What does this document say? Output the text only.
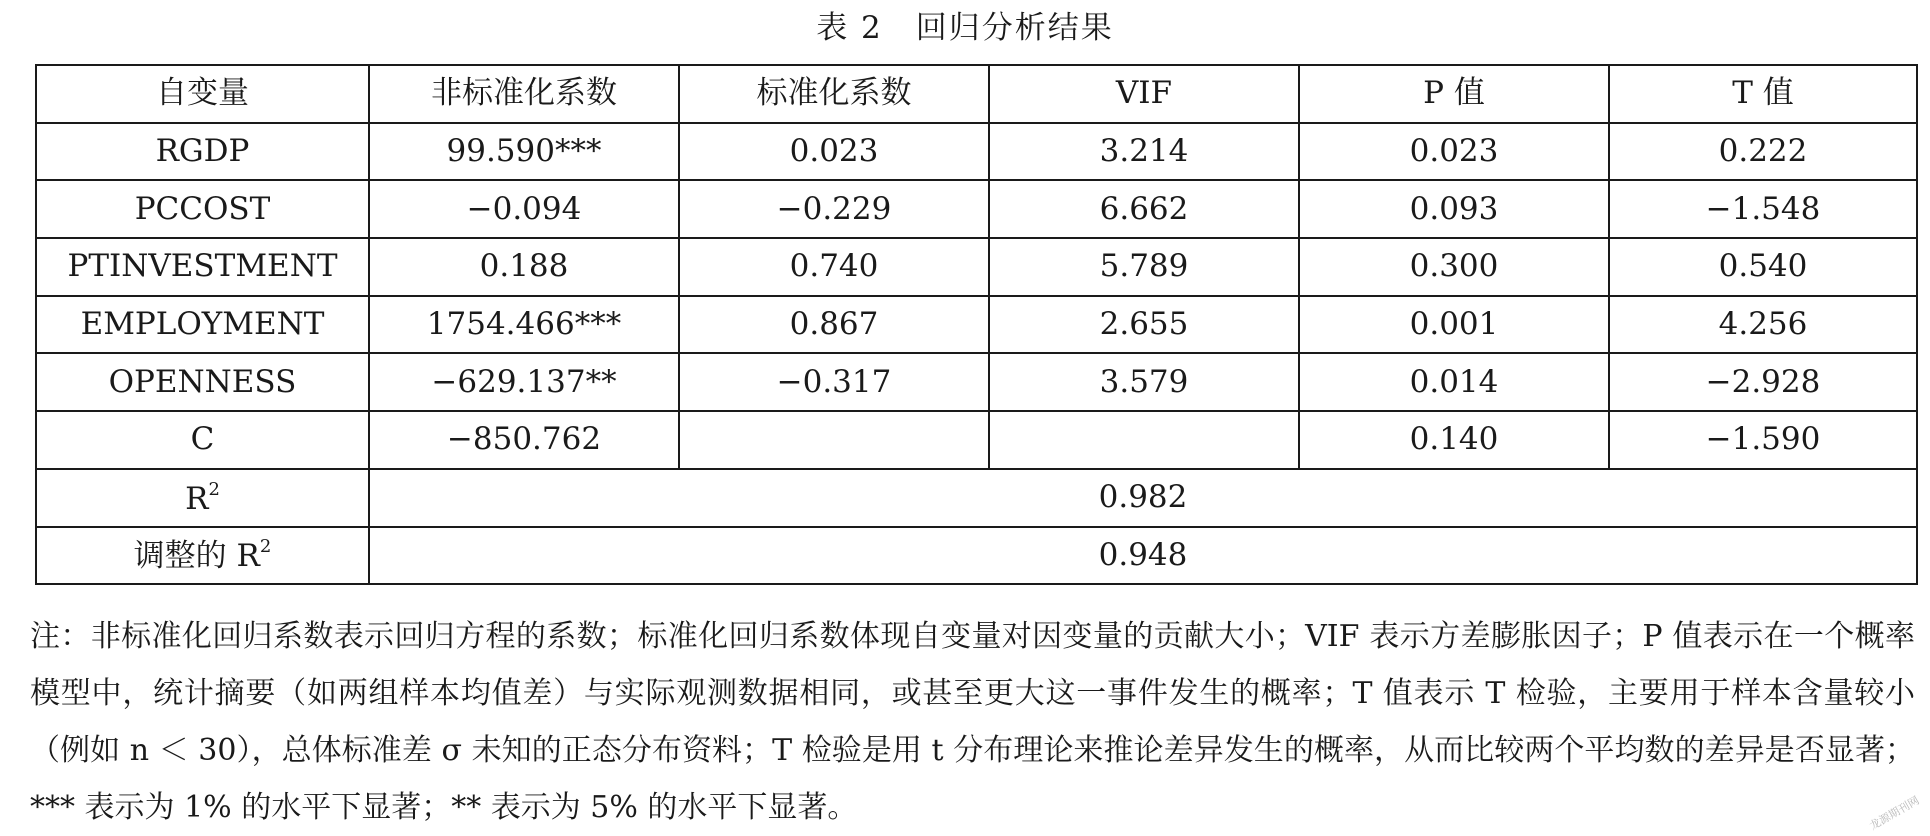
表 2　回归分析结果
自变量	非标准化系数	标准化系数	VIF	P 值	T 值
RGDP	99.590***	0.023	3.214	0.023	0.222
PCCOST	−0.094	−0.229	6.662	0.093	−1.548
PTINVESTMENT	0.188	0.740	5.789	0.300	0.540
EMPLOYMENT	1754.466***	0.867	2.655	0.001	4.256
OPENNESS	−629.137**	−0.317	3.579	0.014	−2.928
C	−850.762			0.140	−1.590
$R^2$	0.982				
调整的 $R^2$	0.948				
注：非标准化回归系数表示回归方程的系数；标准化回归系数体现自变量对因变量的贡献大小；VIF 表示方差膨胀因子；P 值表示在一个概率模型中，统计摘要（如两组样本均值差）与实际观测数据相同，或甚至更大这一事件发生的概率；T 值表示 T 检验，主要用于样本含量较小（例如 n ＜ 30），总体标准差 σ 未知的正态分布资料；T 检验是用 t 分布理论来推论差异发生的概率，从而比较两个平均数的差异是否显著；*** 表示为 1% 的水平下显著；** 表示为 5% 的水平下显著。	龙源期刊网
